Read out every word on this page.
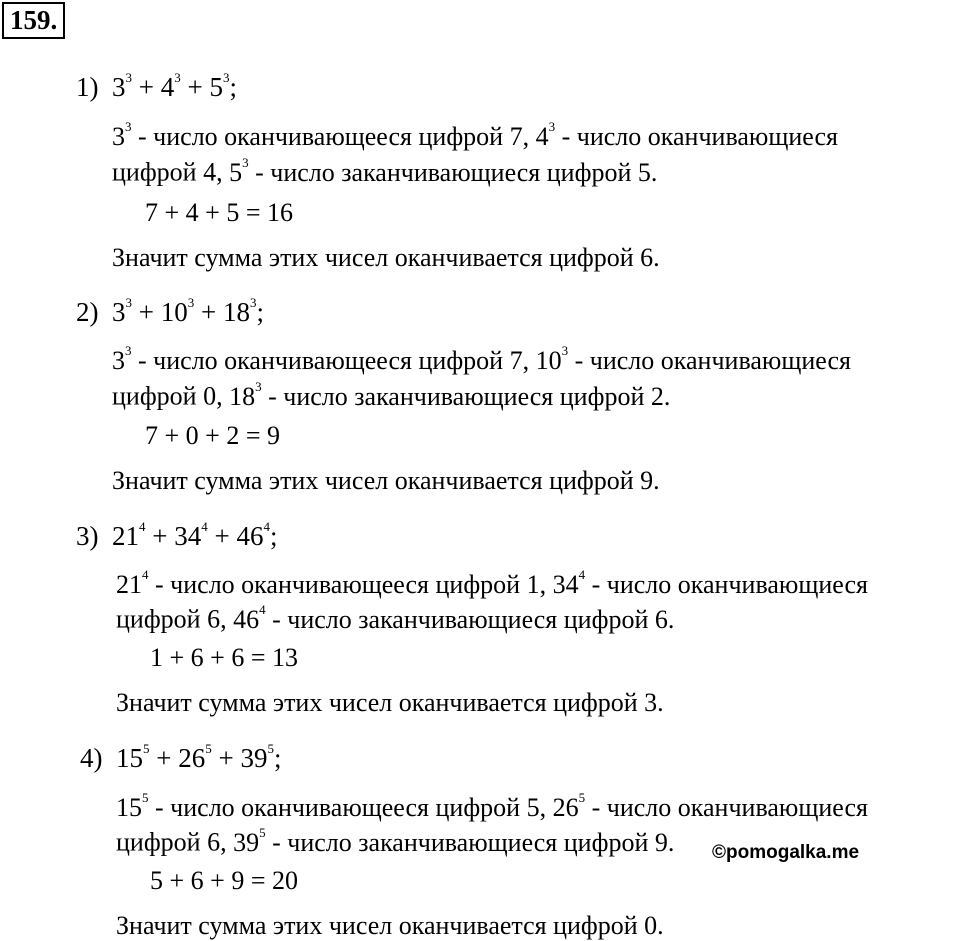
159.
1) $3^3 + 4^3 + 5^3$;
$3^3$ - число оканчивающееся цифрой 7, $4^3$ - число оканчивающиеся
цифрой 4, $5^3$ - число заканчивающиеся цифрой 5.
7 + 4 + 5 = 16
Значит сумма этих чисел оканчивается цифрой 6.
2) $3^3 + 10^3 + 18^3$;
$3^3$ - число оканчивающееся цифрой 7, $10^3$ - число оканчивающиеся
цифрой 0, $18^3$ - число заканчивающиеся цифрой 2.
7 + 0 + 2 = 9
Значит сумма этих чисел оканчивается цифрой 9.
3) $21^4 + 34^4 + 46^4$;
$21^4$ - число оканчивающееся цифрой 1, $34^4$ - число оканчивающиеся
цифрой 6, $46^4$ - число заканчивающиеся цифрой 6.
1 + 6 + 6 = 13
Значит сумма этих чисел оканчивается цифрой 3.
4) $15^5 + 26^5 + 39^5$;
$15^5$ - число оканчивающееся цифрой 5, $26^5$ - число оканчивающиеся
цифрой 6, $39^5$ - число заканчивающиеся цифрой 9.
5 + 6 + 9 = 20
Значит сумма этих чисел оканчивается цифрой 0.
©pomogalka.me
